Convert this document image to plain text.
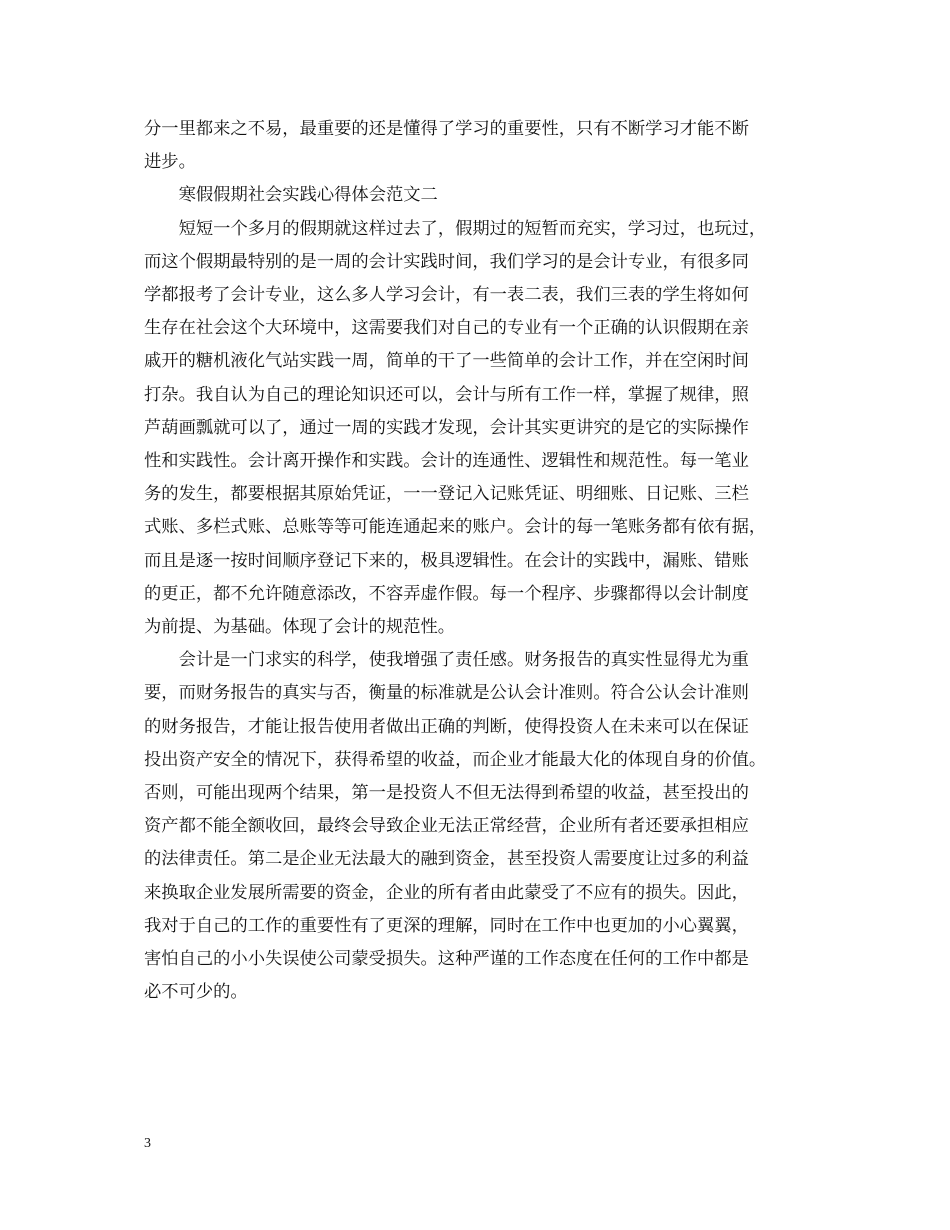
分一里都来之不易，最重要的还是懂得了学习的重要性，只有不断学习才能不断
进步。

寒假假期社会实践心得体会范文二

短短一个多月的假期就这样过去了，假期过的短暂而充实，学习过，也玩过，
而这个假期最特别的是一周的会计实践时间，我们学习的是会计专业，有很多同
学都报考了会计专业，这么多人学习会计，有一表二表，我们三表的学生将如何
生存在社会这个大环境中，这需要我们对自己的专业有一个正确的认识假期在亲
戚开的糖机液化气站实践一周，简单的干了一些简单的会计工作，并在空闲时间
打杂。我自认为自己的理论知识还可以，会计与所有工作一样，掌握了规律，照
芦葫画瓢就可以了，通过一周的实践才发现，会计其实更讲究的是它的实际操作
性和实践性。会计离开操作和实践。会计的连通性、逻辑性和规范性。每一笔业
务的发生，都要根据其原始凭证，一一登记入记账凭证、明细账、日记账、三栏
式账、多栏式账、总账等等可能连通起来的账户。会计的每一笔账务都有依有据，
而且是逐一按时间顺序登记下来的，极具逻辑性。在会计的实践中，漏账、错账
的更正，都不允许随意添改，不容弄虚作假。每一个程序、步骤都得以会计制度
为前提、为基础。体现了会计的规范性。

会计是一门求实的科学，使我增强了责任感。财务报告的真实性显得尤为重
要，而财务报告的真实与否，衡量的标准就是公认会计准则。符合公认会计准则
的财务报告，才能让报告使用者做出正确的判断，使得投资人在未来可以在保证
投出资产安全的情况下，获得希望的收益，而企业才能最大化的体现自身的价值。
否则，可能出现两个结果，第一是投资人不但无法得到希望的收益，甚至投出的
资产都不能全额收回，最终会导致企业无法正常经营，企业所有者还要承担相应
的法律责任。第二是企业无法最大的融到资金，甚至投资人需要度让过多的利益
来换取企业发展所需要的资金，企业的所有者由此蒙受了不应有的损失。因此，
我对于自己的工作的重要性有了更深的理解，同时在工作中也更加的小心翼翼，
害怕自己的小小失误使公司蒙受损失。这种严谨的工作态度在任何的工作中都是
必不可少的。

3
